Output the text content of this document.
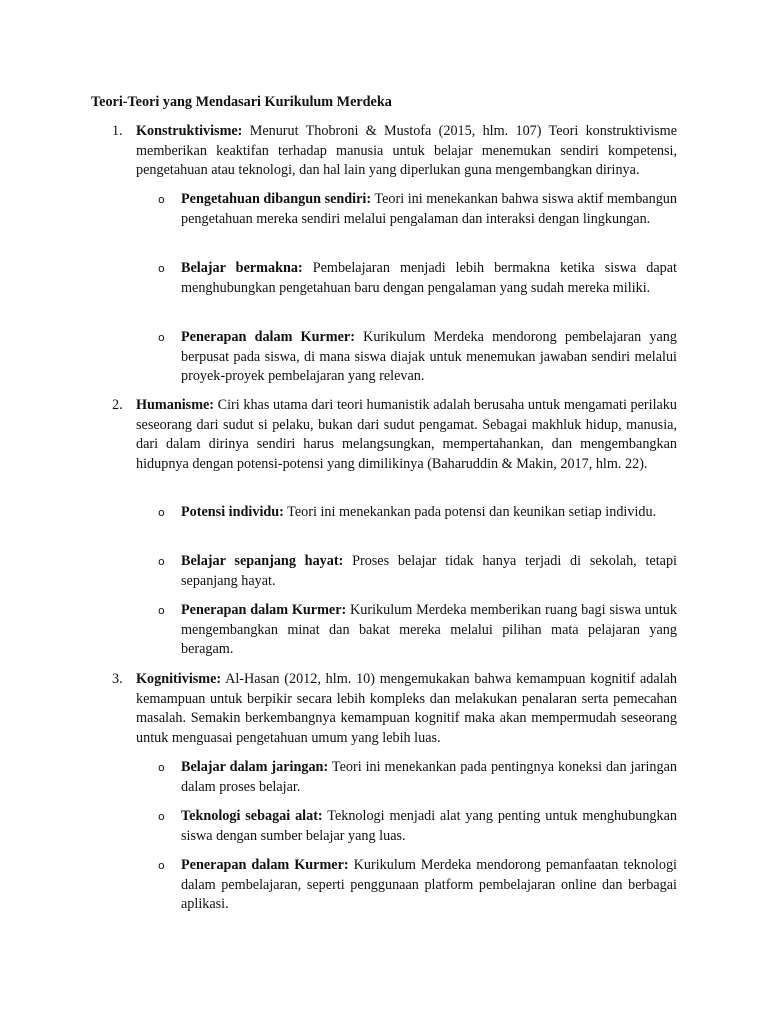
Teori-Teori yang Mendasari Kurikulum Merdeka
1. Konstruktivisme: Menurut Thobroni & Mustofa (2015, hlm. 107) Teori konstruktivisme memberikan keaktifan terhadap manusia untuk belajar menemukan sendiri kompetensi, pengetahuan atau teknologi, dan hal lain yang diperlukan guna mengembangkan dirinya.
o Pengetahuan dibangun sendiri: Teori ini menekankan bahwa siswa aktif membangun pengetahuan mereka sendiri melalui pengalaman dan interaksi dengan lingkungan.
o Belajar bermakna: Pembelajaran menjadi lebih bermakna ketika siswa dapat menghubungkan pengetahuan baru dengan pengalaman yang sudah mereka miliki.
o Penerapan dalam Kurmer: Kurikulum Merdeka mendorong pembelajaran yang berpusat pada siswa, di mana siswa diajak untuk menemukan jawaban sendiri melalui proyek-proyek pembelajaran yang relevan.
2. Humanisme: Ciri khas utama dari teori humanistik adalah berusaha untuk mengamati perilaku seseorang dari sudut si pelaku, bukan dari sudut pengamat. Sebagai makhluk hidup, manusia, dari dalam dirinya sendiri harus melangsungkan, mempertahankan, dan mengembangkan hidupnya dengan potensi-potensi yang dimilikinya (Baharuddin & Makin, 2017, hlm. 22).
o Potensi individu: Teori ini menekankan pada potensi dan keunikan setiap individu.
o Belajar sepanjang hayat: Proses belajar tidak hanya terjadi di sekolah, tetapi sepanjang hayat.
o Penerapan dalam Kurmer: Kurikulum Merdeka memberikan ruang bagi siswa untuk mengembangkan minat dan bakat mereka melalui pilihan mata pelajaran yang beragam.
3. Kognitivisme: Al-Hasan (2012, hlm. 10) mengemukakan bahwa kemampuan kognitif adalah kemampuan untuk berpikir secara lebih kompleks dan melakukan penalaran serta pemecahan masalah. Semakin berkembangnya kemampuan kognitif maka akan mempermudah seseorang untuk menguasai pengetahuan umum yang lebih luas.
o Belajar dalam jaringan: Teori ini menekankan pada pentingnya koneksi dan jaringan dalam proses belajar.
o Teknologi sebagai alat: Teknologi menjadi alat yang penting untuk menghubungkan siswa dengan sumber belajar yang luas.
o Penerapan dalam Kurmer: Kurikulum Merdeka mendorong pemanfaatan teknologi dalam pembelajaran, seperti penggunaan platform pembelajaran online dan berbagai aplikasi.
